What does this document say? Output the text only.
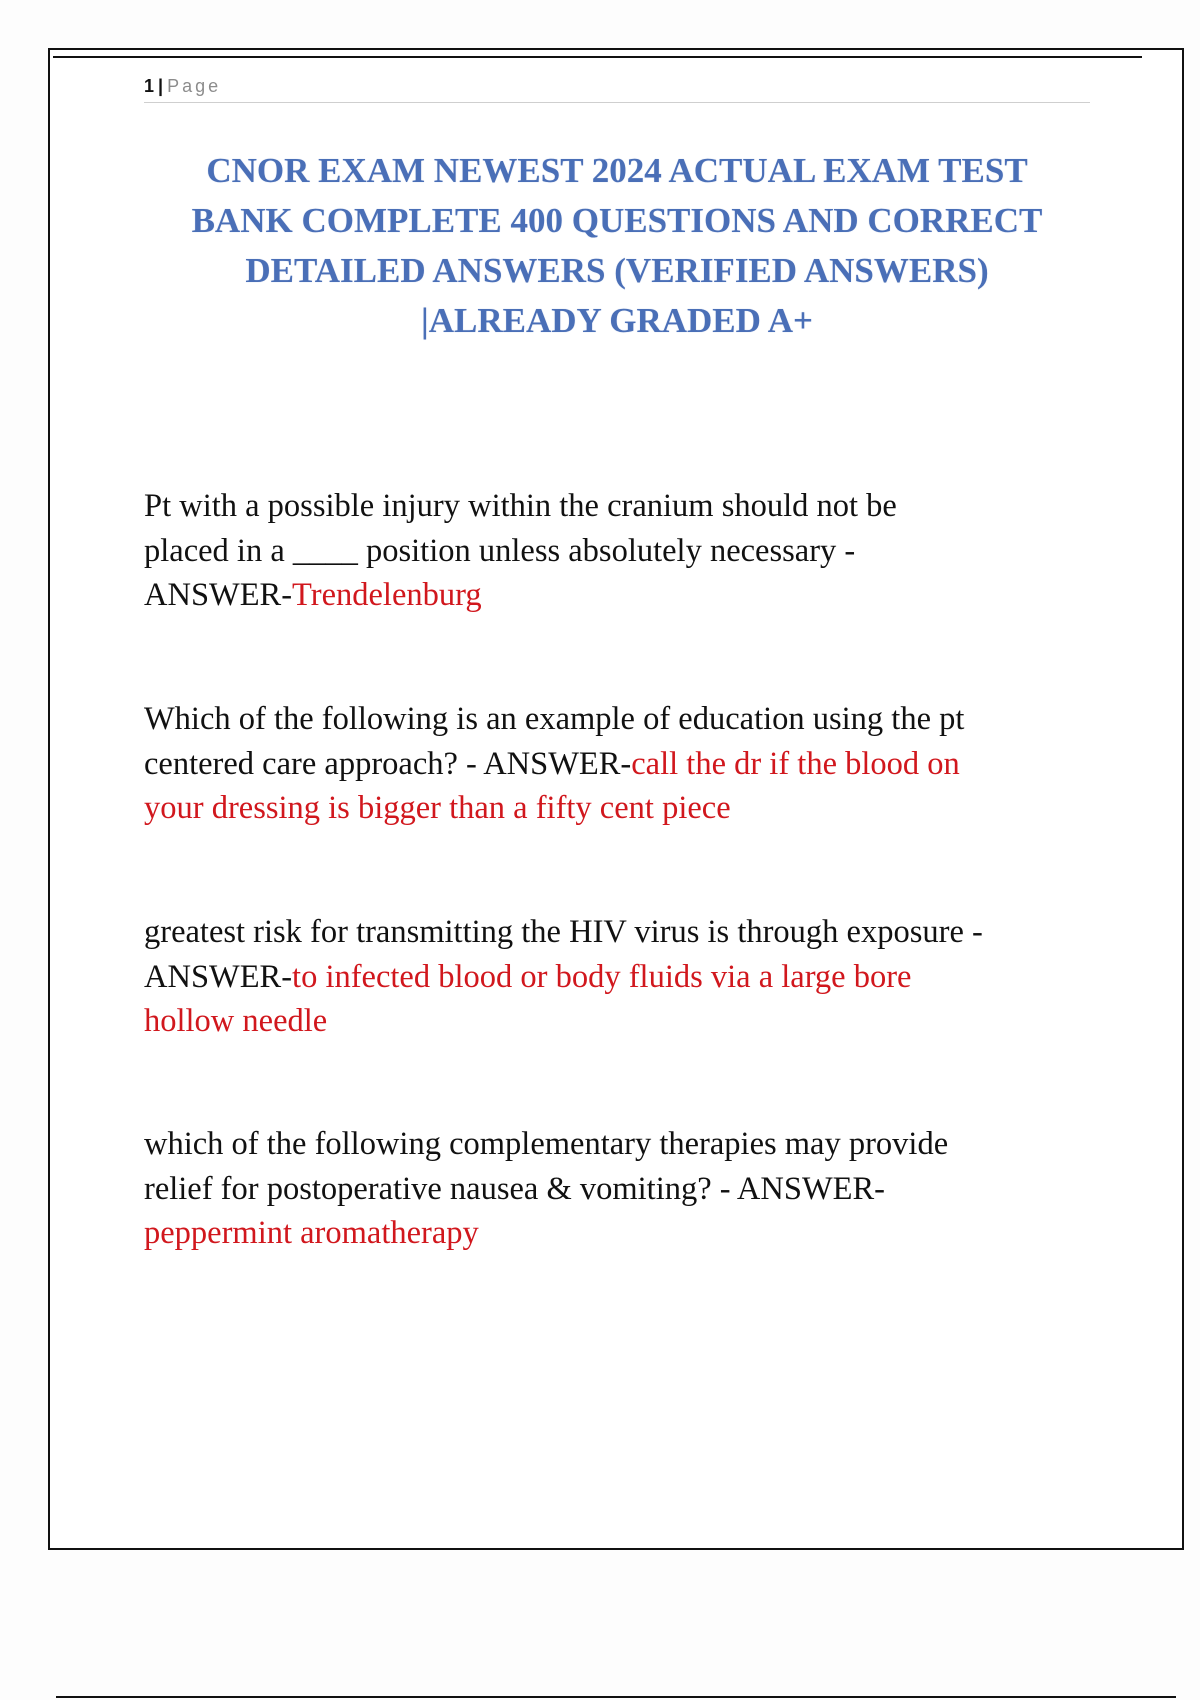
1 | Page
CNOR EXAM NEWEST 2024 ACTUAL EXAM TEST
BANK COMPLETE 400 QUESTIONS AND CORRECT
DETAILED ANSWERS (VERIFIED ANSWERS)
|ALREADY GRADED A+
Pt with a possible injury within the cranium should not be
placed in a ____ position unless absolutely necessary -
ANSWER-Trendelenburg
Which of the following is an example of education using the pt
centered care approach? - ANSWER-call the dr if the blood on
your dressing is bigger than a fifty cent piece
greatest risk for transmitting the HIV virus is through exposure -
ANSWER-to infected blood or body fluids via a large bore
hollow needle
which of the following complementary therapies may provide
relief for postoperative nausea & vomiting? - ANSWER-
peppermint aromatherapy
